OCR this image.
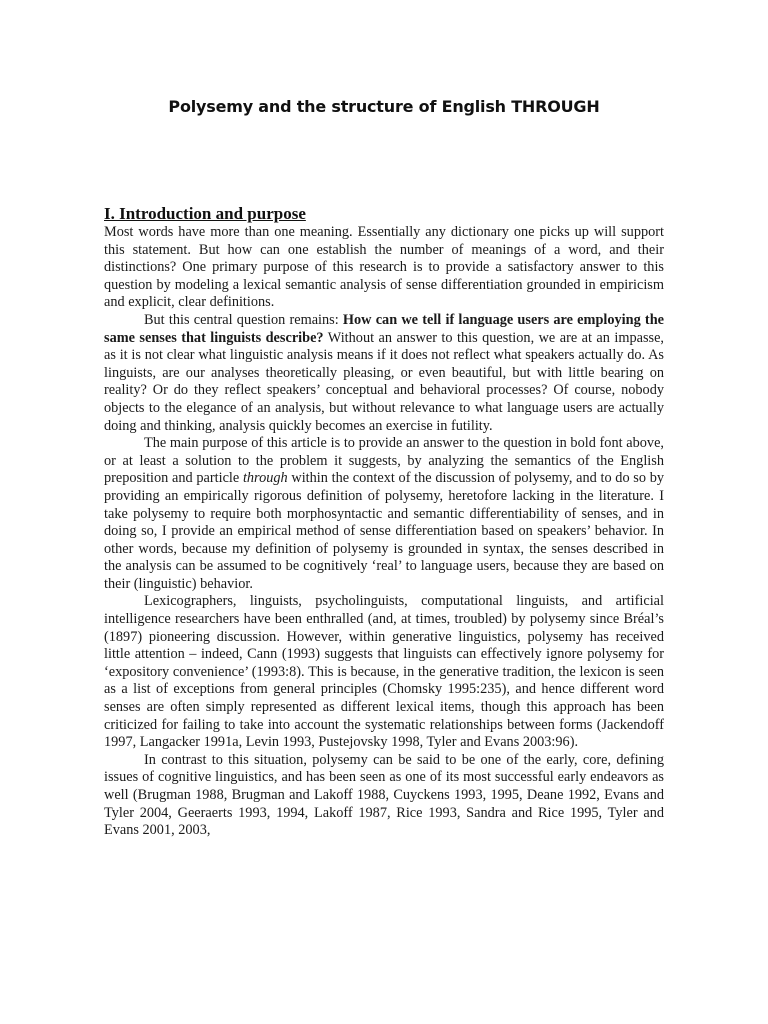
Polysemy and the structure of English THROUGH
I. Introduction and purpose

Most words have more than one meaning. Essentially any dictionary one picks up will support this statement. But how can one establish the number of meanings of a word, and their distinctions? One primary purpose of this research is to provide a satisfactory answer to this question by modeling a lexical semantic analysis of sense differentiation grounded in empiricism and explicit, clear definitions.

But this central question remains: How can we tell if language users are employing the same senses that linguists describe? Without an answer to this question, we are at an impasse, as it is not clear what linguistic analysis means if it does not reflect what speakers actually do. As linguists, are our analyses theoretically pleasing, or even beautiful, but with little bearing on reality? Or do they reflect speakers’ conceptual and behavioral processes? Of course, nobody objects to the elegance of an analysis, but without relevance to what language users are actually doing and thinking, analysis quickly becomes an exercise in futility.

The main purpose of this article is to provide an answer to the question in bold font above, or at least a solution to the problem it suggests, by analyzing the semantics of the English preposition and particle through within the context of the discussion of polysemy, and to do so by providing an empirically rigorous definition of polysemy, heretofore lacking in the literature. I take polysemy to require both morphosyntactic and semantic differentiability of senses, and in doing so, I provide an empirical method of sense differentiation based on speakers’ behavior. In other words, because my definition of polysemy is grounded in syntax, the senses described in the analysis can be assumed to be cognitively ‘real’ to language users, because they are based on their (linguistic) behavior.

Lexicographers, linguists, psycholinguists, computational linguists, and artificial intelligence researchers have been enthralled (and, at times, troubled) by polysemy since Bréal’s (1897) pioneering discussion. However, within generative linguistics, polysemy has received little attention – indeed, Cann (1993) suggests that linguists can effectively ignore polysemy for ‘expository convenience’ (1993:8). This is because, in the generative tradition, the lexicon is seen as a list of exceptions from general principles (Chomsky 1995:235), and hence different word senses are often simply represented as different lexical items, though this approach has been criticized for failing to take into account the systematic relationships between forms (Jackendoff 1997, Langacker 1991a, Levin 1993, Pustejovsky 1998, Tyler and Evans 2003:96).

In contrast to this situation, polysemy can be said to be one of the early, core, defining issues of cognitive linguistics, and has been seen as one of its most successful early endeavors as well (Brugman 1988, Brugman and Lakoff 1988, Cuyckens 1993, 1995, Deane 1992, Evans and Tyler 2004, Geeraerts 1993, 1994, Lakoff 1987, Rice 1993, Sandra and Rice 1995, Tyler and Evans 2001, 2003,
